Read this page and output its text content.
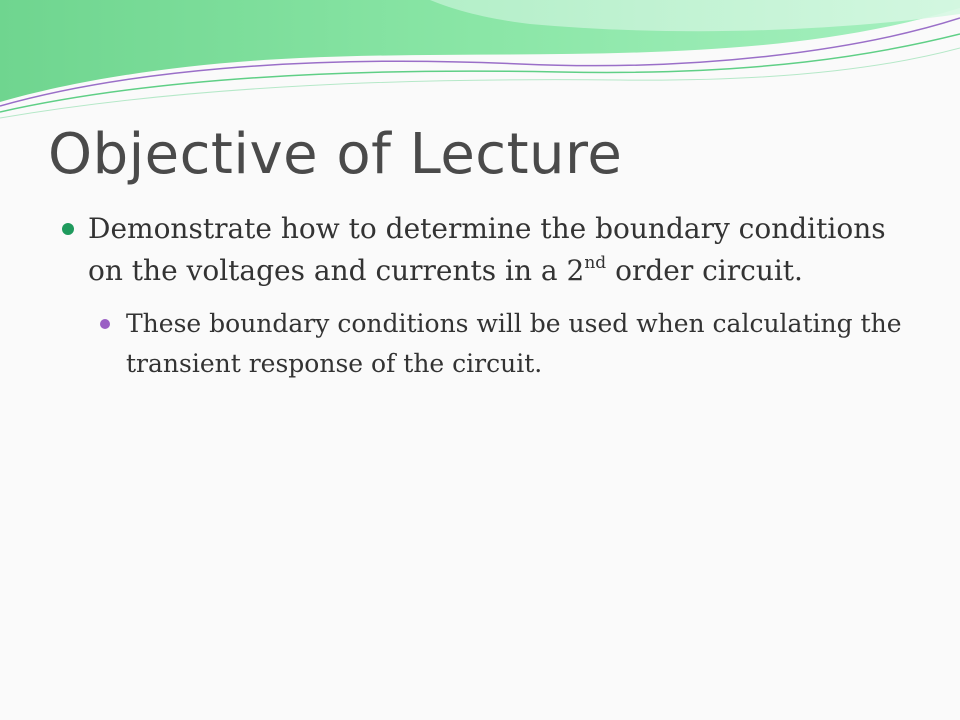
Objective of Lecture
Demonstrate how to determine the boundary conditions on the voltages and currents in a 2nd order circuit.
These boundary conditions will be used when calculating the transient response of the circuit.
